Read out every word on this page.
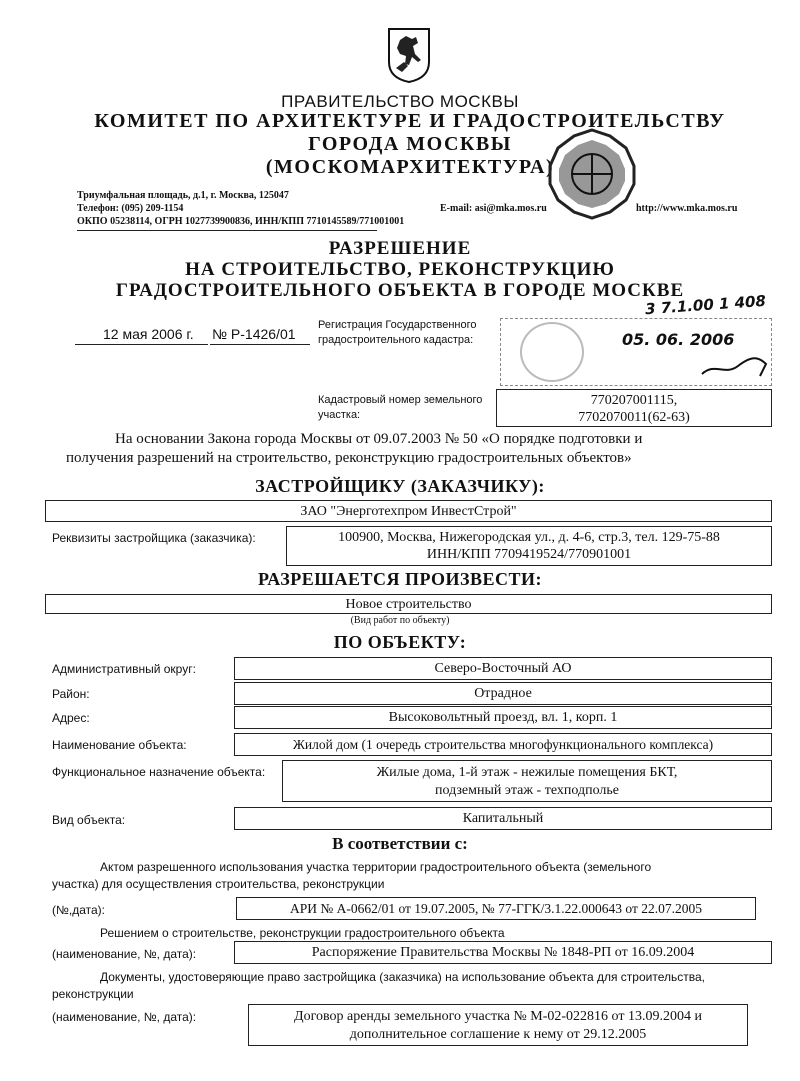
ПРАВИТЕЛЬСТВО МОСКВЫ
КОМИТЕТ ПО АРХИТЕКТУРЕ И ГРАДОСТРОИТЕЛЬСТВУ
ГОРОДА МОСКВЫ
(МОСКОМАРХИТЕКТУРА)
Триумфальная площадь, д.1, г. Москва, 125047
Телефон: (095) 209-1154
ОКПО 05238114, ОГРН 1027739900836, ИНН/КПП 7710145589/771001001
E-mail: asi@mka.mos.ru	http://www.mka.mos.ru
РАЗРЕШЕНИЕ
НА СТРОИТЕЛЬСТВО, РЕКОНСТРУКЦИЮ
ГРАДОСТРОИТЕЛЬНОГО ОБЪЕКТА В ГОРОДЕ МОСКВЕ
3 7.1.00 1 408
12 мая 2006 г. № Р-1426/01
Регистрация Государственного градостроительного кадастра:	05. 06. 2006
Кадастровый номер земельного участка:
770207001115,
7702070011(62-63)
На основании Закона города Москвы от 09.07.2003 № 50 «О порядке подготовки и
получения разрешений на строительство, реконструкцию градостроительных объектов»
ЗАСТРОЙЩИКУ (ЗАКАЗЧИКУ):
ЗАО "Энерготехпром ИнвестСтрой"
Реквизиты застройщика (заказчика):	100900, Москва, Нижегородская ул., д. 4-6, стр.3, тел. 129-75-88
ИНН/КПП 7709419524/770901001
РАЗРЕШАЕТСЯ ПРОИЗВЕСТИ:
Новое строительство
(Вид работ по объекту)
ПО ОБЪЕКТУ:
Административный округ:	Северо-Восточный АО
Район:	Отрадное
Адрес:	Высоковольтный проезд, вл. 1, корп. 1
Наименование объекта:	Жилой дом (1 очередь строительства многофункционального комплекса)
Функциональное назначение объекта:	Жилые дома, 1-й этаж - нежилые помещения БКТ,
подземный этаж - техподполье
Вид объекта:	Капитальный
В соответствии с:
Актом разрешенного использования участка территории градостроительного объекта (земельного
участка) для осуществления строительства, реконструкции
(№,дата):	АРИ № А-0662/01 от 19.07.2005, № 77-ГГК/3.1.22.000643 от 22.07.2005
Решением о строительстве, реконструкции градостроительного объекта
(наименование, №, дата):	Распоряжение Правительства Москвы № 1848-РП от 16.09.2004
Документы, удостоверяющие право застройщика (заказчика) на использование объекта для строительства,
реконструкции
(наименование, №, дата):	Договор аренды земельного участка № М-02-022816 от 13.09.2004 и
дополнительное соглашение к нему от 29.12.2005
